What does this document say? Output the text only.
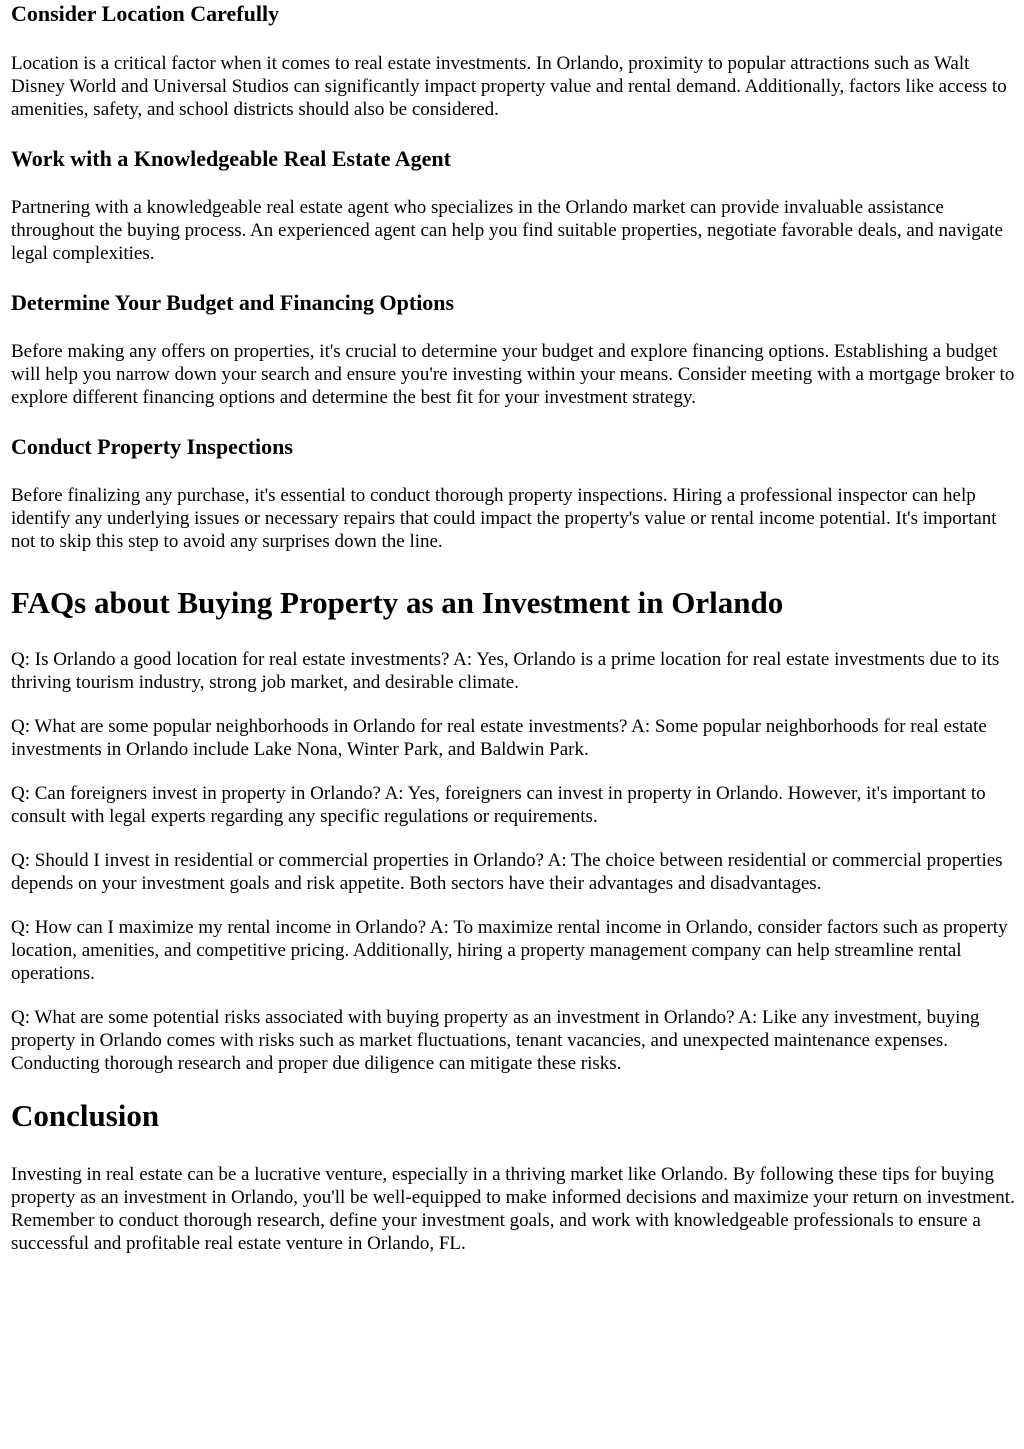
Consider Location Carefully

Location is a critical factor when it comes to real estate investments. In Orlando, proximity to popular attractions such as Walt Disney World and Universal Studios can significantly impact property value and rental demand. Additionally, factors like access to amenities, safety, and school districts should also be considered.

Work with a Knowledgeable Real Estate Agent

Partnering with a knowledgeable real estate agent who specializes in the Orlando market can provide invaluable assistance throughout the buying process. An experienced agent can help you find suitable properties, negotiate favorable deals, and navigate legal complexities.

Determine Your Budget and Financing Options

Before making any offers on properties, it's crucial to determine your budget and explore financing options. Establishing a budget will help you narrow down your search and ensure you're investing within your means. Consider meeting with a mortgage broker to explore different financing options and determine the best fit for your investment strategy.

Conduct Property Inspections

Before finalizing any purchase, it's essential to conduct thorough property inspections. Hiring a professional inspector can help identify any underlying issues or necessary repairs that could impact the property's value or rental income potential. It's important not to skip this step to avoid any surprises down the line.

FAQs about Buying Property as an Investment in Orlando

Q: Is Orlando a good location for real estate investments? A: Yes, Orlando is a prime location for real estate investments due to its thriving tourism industry, strong job market, and desirable climate.

Q: What are some popular neighborhoods in Orlando for real estate investments? A: Some popular neighborhoods for real estate investments in Orlando include Lake Nona, Winter Park, and Baldwin Park.

Q: Can foreigners invest in property in Orlando? A: Yes, foreigners can invest in property in Orlando. However, it's important to consult with legal experts regarding any specific regulations or requirements.

Q: Should I invest in residential or commercial properties in Orlando? A: The choice between residential or commercial properties depends on your investment goals and risk appetite. Both sectors have their advantages and disadvantages.

Q: How can I maximize my rental income in Orlando? A: To maximize rental income in Orlando, consider factors such as property location, amenities, and competitive pricing. Additionally, hiring a property management company can help streamline rental operations.

Q: What are some potential risks associated with buying property as an investment in Orlando? A: Like any investment, buying property in Orlando comes with risks such as market fluctuations, tenant vacancies, and unexpected maintenance expenses. Conducting thorough research and proper due diligence can mitigate these risks.

Conclusion

Investing in real estate can be a lucrative venture, especially in a thriving market like Orlando. By following these tips for buying property as an investment in Orlando, you'll be well-equipped to make informed decisions and maximize your return on investment. Remember to conduct thorough research, define your investment goals, and work with knowledgeable professionals to ensure a successful and profitable real estate venture in Orlando, FL.
